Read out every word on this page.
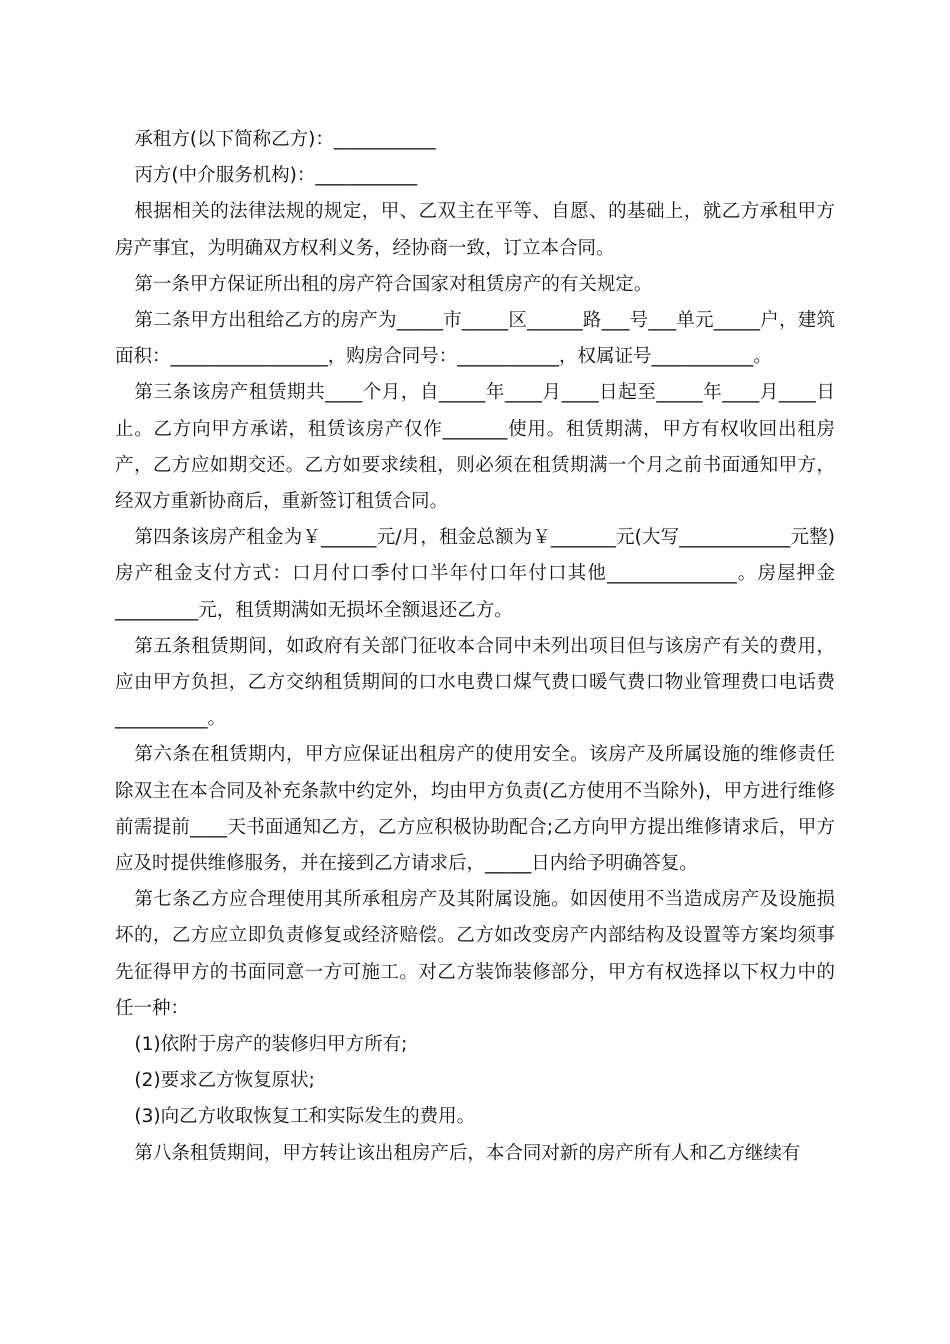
承租方(以下简称乙方)：___________

丙方(中介服务机构)：___________

根据相关的法律法规的规定，甲、乙双主在平等、自愿、的基础上，就乙方承租甲方房产事宜，为明确双方权利义务，经协商一致，订立本合同。

第一条甲方保证所出租的房产符合国家对租赁房产的有关规定。

第二条甲方出租给乙方的房产为_____市_____区______路___号___单元_____户，建筑面积：_________________，购房合同号：___________，权属证号___________。

第三条该房产租赁期共____个月，自_____年____月____日起至_____年____月____日止。乙方向甲方承诺，租赁该房产仅作_______使用。租赁期满，甲方有权收回出租房产，乙方应如期交还。乙方如要求续租，则必须在租赁期满一个月之前书面通知甲方，经双方重新协商后，重新签订租赁合同。

第四条该房产租金为￥______元/月，租金总额为￥_______元(大写____________元整)房产租金支付方式：口月付口季付口半年付口年付口其他______________。房屋押金_________元，租赁期满如无损坏全额退还乙方。

第五条租赁期间，如政府有关部门征收本合同中未列出项目但与该房产有关的费用，应由甲方负担，乙方交纳租赁期间的口水电费口煤气费口暖气费口物业管理费口电话费__________。

第六条在租赁期内，甲方应保证出租房产的使用安全。该房产及所属设施的维修责任除双主在本合同及补充条款中约定外，均由甲方负责(乙方使用不当除外)，甲方进行维修前需提前____天书面通知乙方，乙方应积极协助配合;乙方向甲方提出维修请求后，甲方应及时提供维修服务，并在接到乙方请求后，_____日内给予明确答复。

第七条乙方应合理使用其所承租房产及其附属设施。如因使用不当造成房产及设施损坏的，乙方应立即负责修复或经济赔偿。乙方如改变房产内部结构及设置等方案均须事先征得甲方的书面同意一方可施工。对乙方装饰装修部分，甲方有权选择以下权力中的任一种：

(1)依附于房产的装修归甲方所有;

(2)要求乙方恢复原状;

(3)向乙方收取恢复工和实际发生的费用。

第八条租赁期间，甲方转让该出租房产后，本合同对新的房产所有人和乙方继续有
